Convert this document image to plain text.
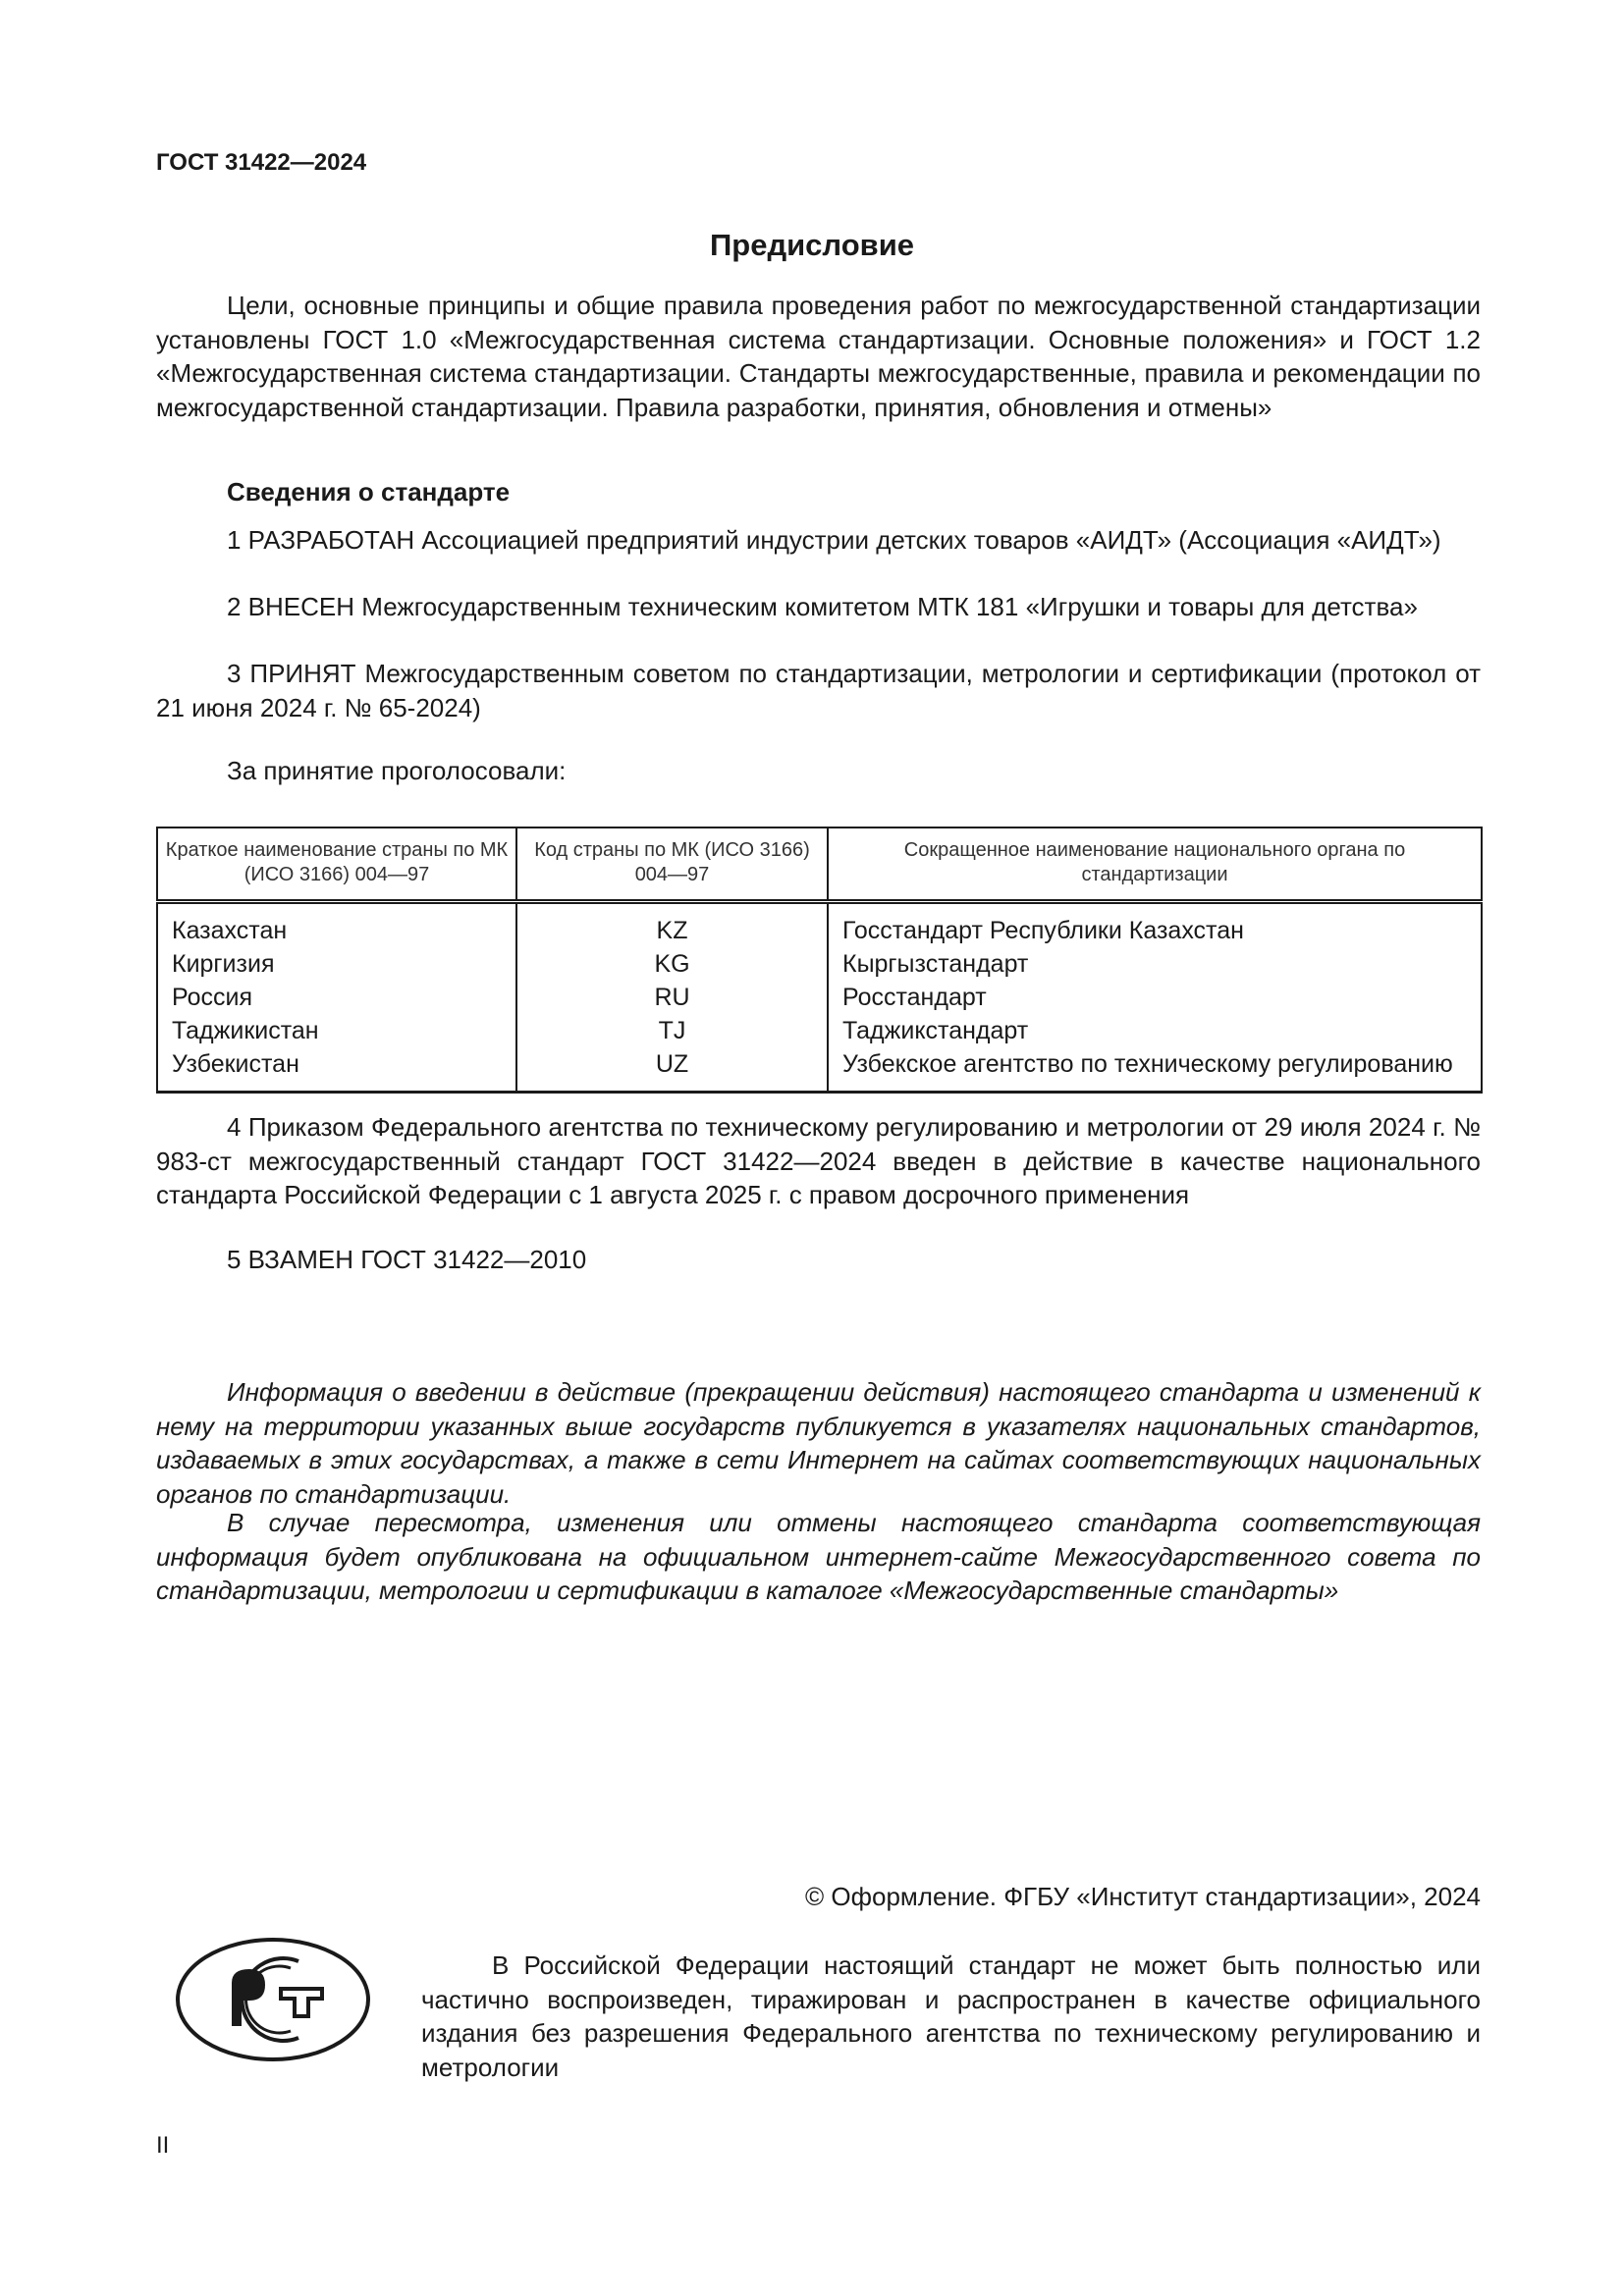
ГОСТ 31422—2024
Предисловие
Цели, основные принципы и общие правила проведения работ по межгосударственной стандартизации установлены ГОСТ 1.0 «Межгосударственная система стандартизации. Основные положения» и ГОСТ 1.2 «Межгосударственная система стандартизации. Стандарты межгосударственные, правила и рекомендации по межгосударственной стандартизации. Правила разработки, принятия, обновления и отмены»
Сведения о стандарте
1 РАЗРАБОТАН Ассоциацией предприятий индустрии детских товаров «АИДТ» (Ассоциация «АИДТ»)
2 ВНЕСЕН Межгосударственным техническим комитетом МТК 181 «Игрушки и товары для детства»
3 ПРИНЯТ Межгосударственным советом по стандартизации, метрологии и сертификации (протокол от 21 июня 2024 г. № 65-2024)
За принятие проголосовали:
Краткое наименование страны по МК (ИСО 3166) 004—97	Код страны по МК (ИСО 3166) 004—97	Сокращенное наименование национального органа по стандартизации
Казахстан	KZ	Госстандарт Республики Казахстан
Киргизия	KG	Кыргызстандарт
Россия	RU	Росстандарт
Таджикистан	TJ	Таджикстандарт
Узбекистан	UZ	Узбекское агентство по техническому регулированию
4 Приказом Федерального агентства по техническому регулированию и метрологии от 29 июля 2024 г. № 983-ст межгосударственный стандарт ГОСТ 31422—2024 введен в действие в качестве национального стандарта Российской Федерации с 1 августа 2025 г. с правом досрочного применения
5 ВЗАМЕН ГОСТ 31422—2010
Информация о введении в действие (прекращении действия) настоящего стандарта и изменений к нему на территории указанных выше государств публикуется в указателях национальных стандартов, издаваемых в этих государствах, а также в сети Интернет на сайтах соответствующих национальных органов по стандартизации.
В случае пересмотра, изменения или отмены настоящего стандарта соответствующая информация будет опубликована на официальном интернет-сайте Межгосударственного совета по стандартизации, метрологии и сертификации в каталоге «Межгосударственные стандарты»
© Оформление. ФГБУ «Институт стандартизации», 2024
В Российской Федерации настоящий стандарт не может быть полностью или частично воспроизведен, тиражирован и распространен в качестве официального издания без разрешения Федерального агентства по техническому регулированию и метрологии
II
